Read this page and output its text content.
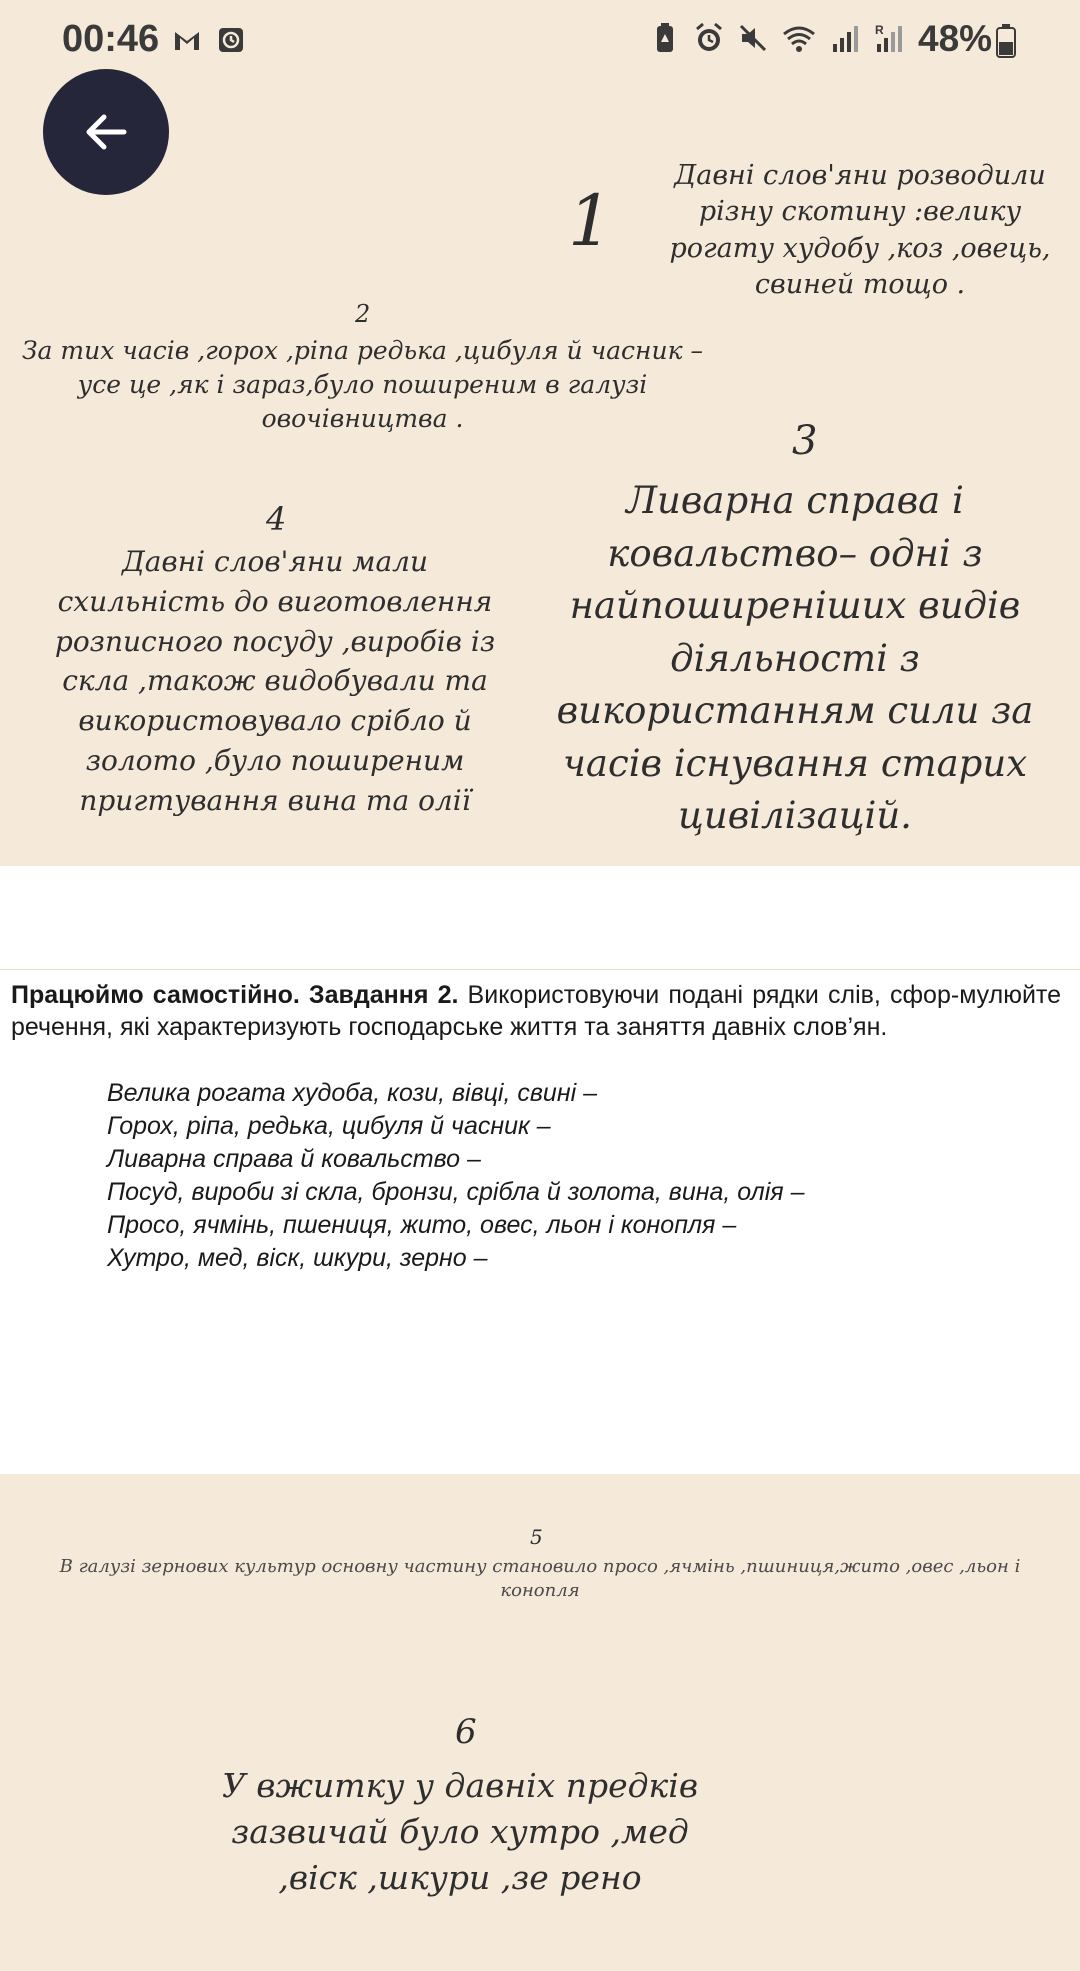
00:46	R 48%
1
Давні слов'яни розводили різну скотину :велику рогату худобу ,коз ,овець, свиней тощо .
2
За тих часів ,горох ,ріпа редька ,цибуля й часник – усе це ,як і зараз,було поширеним в галузі овочівництва .	3
Ливарна справа і ковальство– одні з найпоширеніших видів діяльності з використанням сили за часів існування старих цивілізацій.
4
Давні слов'яни мали схильність до виготовлення розписного посуду ,виробів із скла ,також видобували та використовувало срібло й золото ,було поширеним пригтування вина та олії
Працюймо самостійно. Завдання 2. Використовуючи подані рядки слів, сфор-мулюйте речення, які характеризують господарське життя та заняття давніх слов’ян.
Велика рогата худоба, кози, вівці, свині –
Горох, ріпа, редька, цибуля й часник –
Ливарна справа й ковальство –
Посуд, вироби зі скла, бронзи, срібла й золота, вина, олія –
Просо, ячмінь, пшениця, жито, овес, льон і конопля –
Хутро, мед, віск, шкури, зерно –
5
В галузі зернових культур основну частину становило просо ,ячмінь ,пшиниця,жито ,овес ,льон і конопля
6
У вжитку у давніх предків зазвичай було хутро ,мед ,віск ,шкури ,зе рено
